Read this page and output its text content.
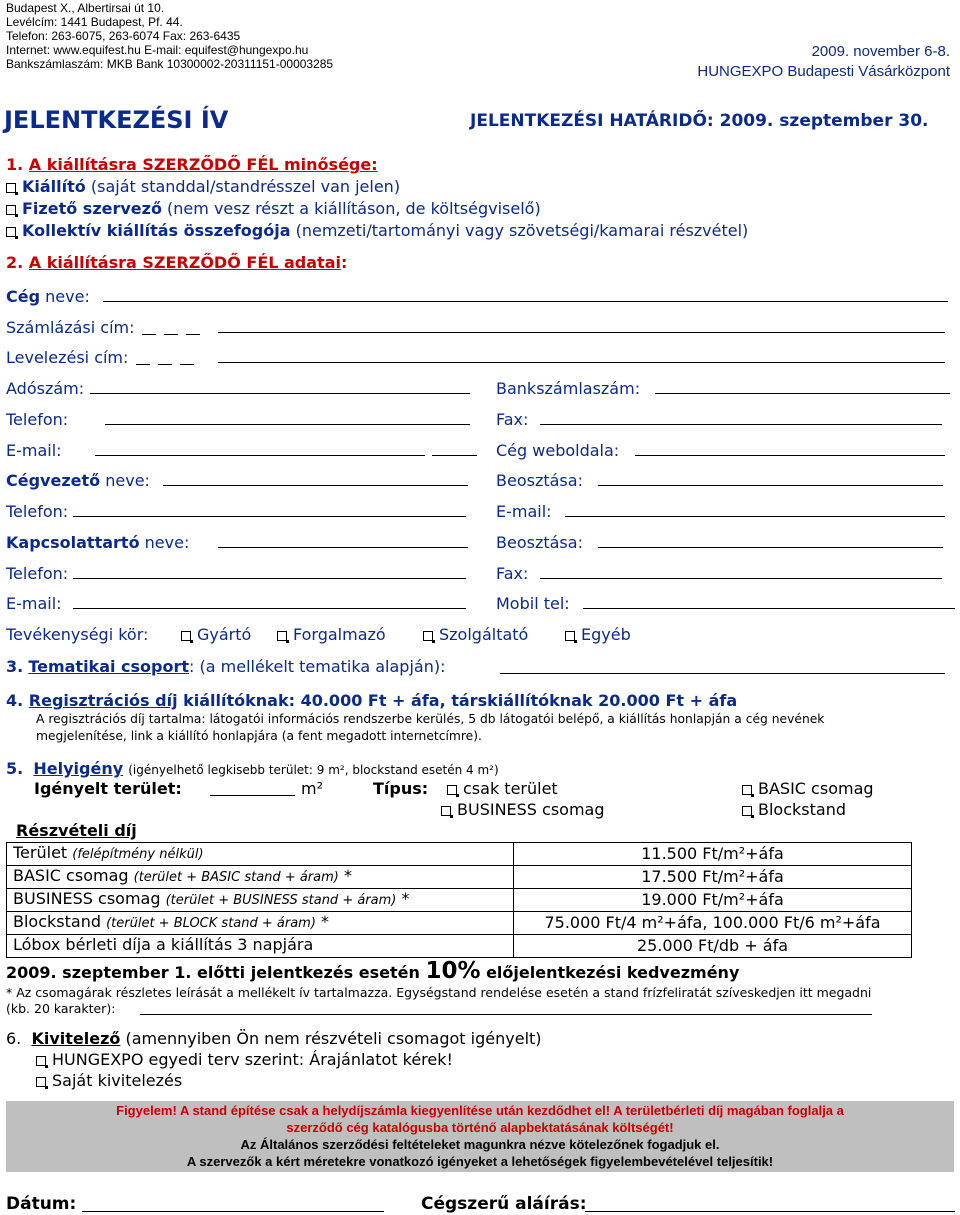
Budapest X., Albertirsai út 10.
Levélcím: 1441 Budapest, Pf. 44.
Telefon: 263-6075, 263-6074 Fax: 263-6435
Internet: www.equifest.hu E-mail: equifest@hungexpo.hu
Bankszámlaszám: MKB Bank 10300002-20311151-00003285
2009. november 6-8.
HUNGEXPO Budapesti Vásárközpont
JELENTKEZÉSI ÍV	JELENTKEZÉSI HATÁRIDŐ: 2009. szeptember 30.
1. A kiállításra SZERZŐDŐ FÉL minősége:
Kiállító (saját standdal/standrésszel van jelen)
Fizető szervező (nem vesz részt a kiállításon, de költségviselő)
Kollektív kiállítás összefogója (nemzeti/tartományi vagy szövetségi/kamarai részvétel)
2. A kiállításra SZERZŐDŐ FÉL adatai:
Cég neve:
Számlázási cím:
Levelezési cím:
Adószám:	Bankszámlaszám:
Telefon:	Fax:
E-mail:	Cég weboldala:
Cégvezető neve:	Beosztása:
Telefon:	E-mail:
Kapcsolattartó neve:	Beosztása:
Telefon:	Fax:
E-mail:	Mobil tel:
Tevékenységi kör:	Gyártó	Forgalmazó	Szolgáltató	Egyéb
3. Tematikai csoport: (a mellékelt tematika alapján):
4. Regisztrációs díj kiállítóknak: 40.000 Ft + áfa, társkiállítóknak 20.000 Ft + áfa
A regisztrációs díj tartalma: látogatói információs rendszerbe kerülés, 5 db látogatói belépő, a kiállítás honlapján a cég nevének
megjelenítése, link a kiállító honlapjára (a fent megadott internetcímre).
5. Helyigény (igényelhető legkisebb terület: 9 m², blockstand esetén 4 m²)
Igényelt terület:	m²	Típus:	csak terület	BASIC csomag
BUSINESS csomag	Blockstand
Részvételi díj
Terület (felépítmény nélkül)	11.500 Ft/m²+áfa
BASIC csomag (terület + BASIC stand + áram) *	17.500 Ft/m²+áfa
BUSINESS csomag (terület + BUSINESS stand + áram) *	19.000 Ft/m²+áfa
Blockstand (terület + BLOCK stand + áram) *	75.000 Ft/4 m²+áfa, 100.000 Ft/6 m²+áfa
Lóbox bérleti díja a kiállítás 3 napjára	25.000 Ft/db + áfa
2009. szeptember 1. előtti jelentkezés esetén 10% előjelentkezési kedvezmény
* Az csomagárak részletes leírását a mellékelt ív tartalmazza. Egységstand rendelése esetén a stand frízfeliratát szíveskedjen itt megadni
(kb. 20 karakter):
6. Kivitelező (amennyiben Ön nem részvételi csomagot igényelt)
HUNGEXPO egyedi terv szerint: Árajánlatot kérek!
Saját kivitelezés
Figyelem! A stand építése csak a helydíjszámla kiegyenlítése után kezdődhet el! A területbérleti díj magában foglalja a
szerződő cég katalógusba történő alapbektatásának költségét!
Az Általános szerződési feltételeket magunkra nézve kötelezőnek fogadjuk el.
A szervezők a kért méretekre vonatkozó igényeket a lehetőségek figyelembevételével teljesítik!
Dátum:	Cégszerű aláírás:
